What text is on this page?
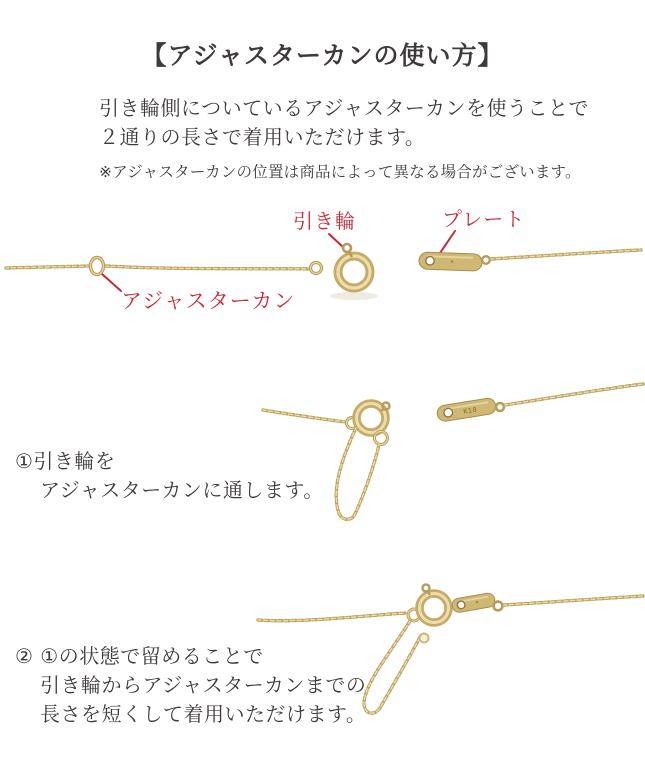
【アジャスターカンの使い方】
引き輪側についているアジャスターカンを使うことで
２通りの長さで着用いただけます。
※アジャスターカンの位置は商品によって異なる場合がございます。
引き輪	プレート
アジャスターカン
K18
①引き輪を
アジャスターカンに通します。
② ①の状態で留めることで
引き輪からアジャスターカンまでの
長さを短くして着用いただけます。
